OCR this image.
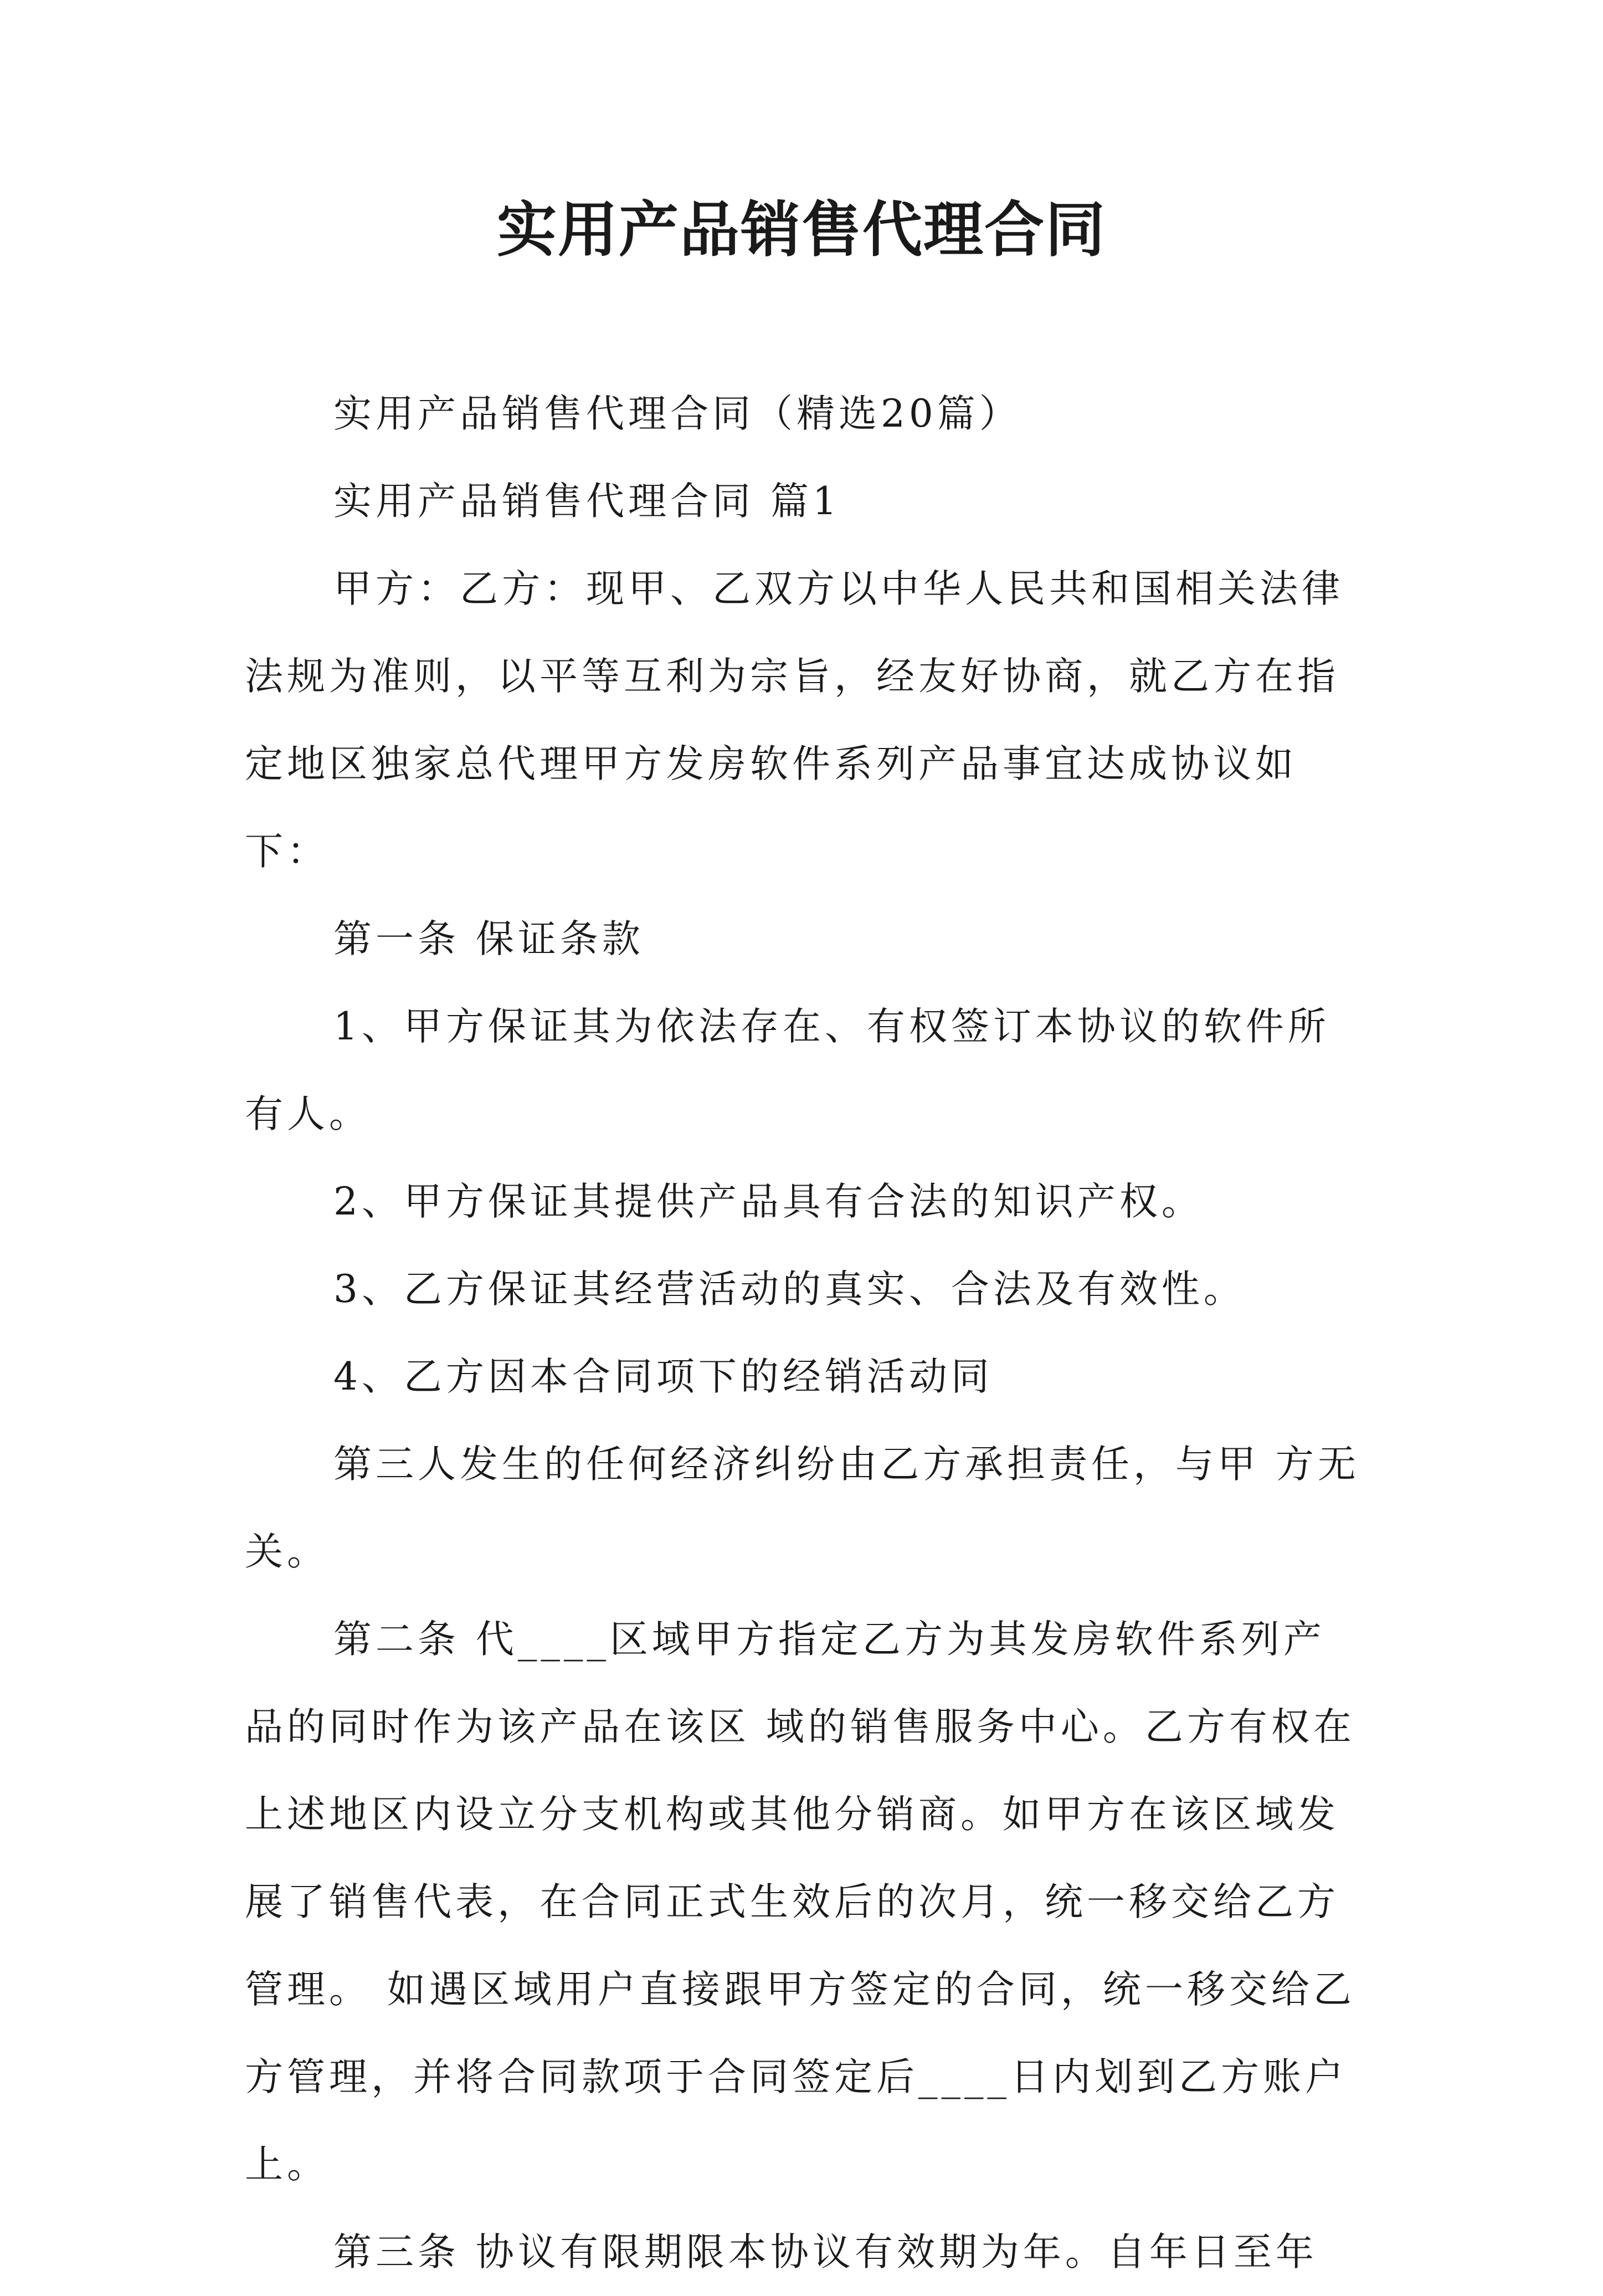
实用产品销售代理合同

实用产品销售代理合同（精选20篇）

实用产品销售代理合同 篇1

甲方：乙方：现甲、乙双方以中华人民共和国相关法律法规为准则，以平等互利为宗旨，经友好协商，就乙方在指定地区独家总代理甲方发房软件系列产品事宜达成协议如下：

第一条 保证条款

1、甲方保证其为依法存在、有权签订本协议的软件所有人。

2、甲方保证其提供产品具有合法的知识产权。

3、乙方保证其经营活动的真实、合法及有效性。

4、乙方因本合同项下的经销活动同

第三人发生的任何经济纠纷由乙方承担责任，与甲 方无关。

第二条 代____区域甲方指定乙方为其发房软件系列产品的同时作为该产品在该区 域的销售服务中心。乙方有权在上述地区内设立分支机构或其他分销商。如甲方在该区域发展了销售代表，在合同正式生效后的次月，统一移交给乙方管理。 如遇区域用户直接跟甲方签定的合同，统一移交给乙方管理，并将合同款项于合同签定后____日内划到乙方账户上。

第三条 协议有限期限本协议有效期为年。自年日至年
